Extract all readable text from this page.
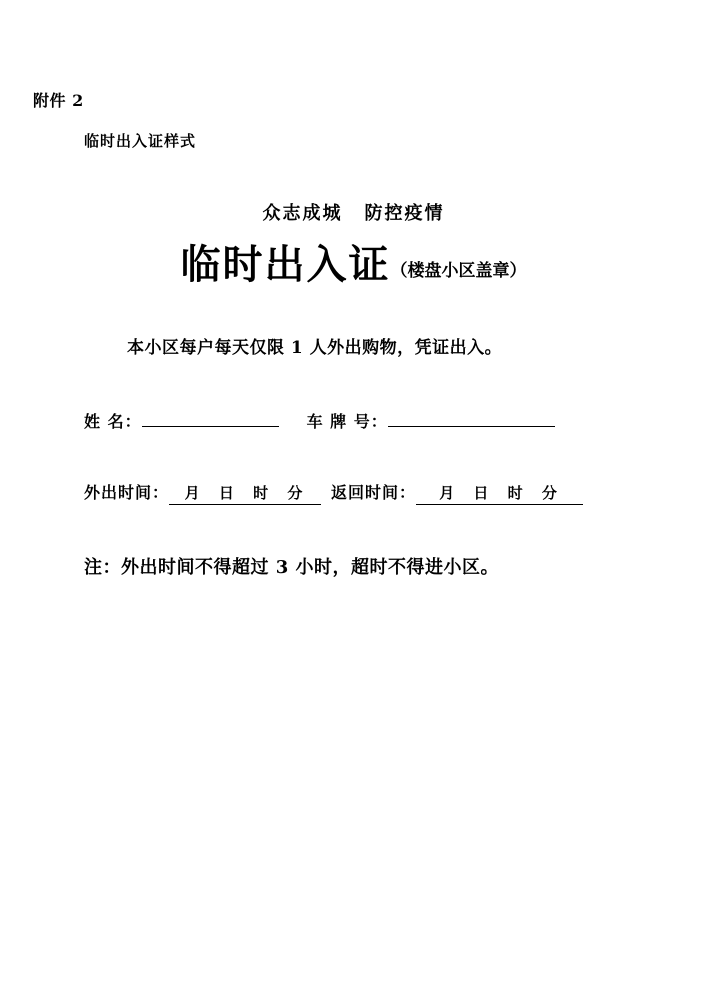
附件 2
临时出入证样式
众志成城 防控疫情
临时出入证（楼盘小区盖章）
本小区每户每天仅限 1 人外出购物，凭证出入。
姓 名：	车 牌 号：
外出时间： 月 日 时 分 返回时间： 月 日 时 分
注：外出时间不得超过 3 小时，超时不得进小区。
